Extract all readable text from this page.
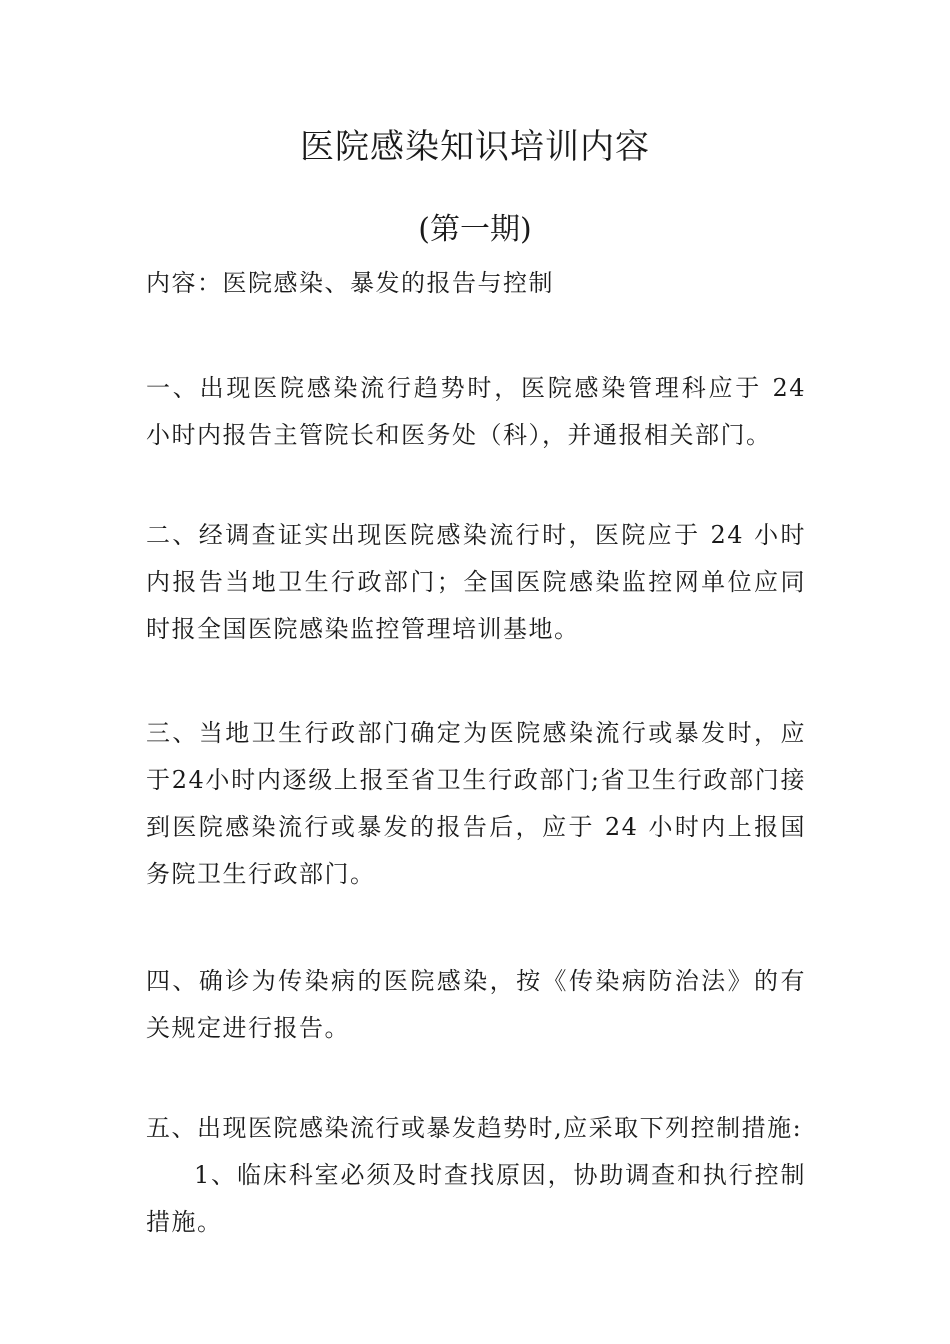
医院感染知识培训内容
(第一期)
内容：医院感染、暴发的报告与控制
一、出现医院感染流行趋势时，医院感染管理科应于 24 小时内报告主管院长和医务处（科），并通报相关部门。
二、经调查证实出现医院感染流行时，医院应于 24 小时内报告当地卫生行政部门；全国医院感染监控网单位应同时报全国医院感染监控管理培训基地。
三、当地卫生行政部门确定为医院感染流行或暴发时，应于24小时内逐级上报至省卫生行政部门;省卫生行政部门接到医院感染流行或暴发的报告后，应于 24 小时内上报国务院卫生行政部门。
四、确诊为传染病的医院感染，按《传染病防治法》的有关规定进行报告。
五、出现医院感染流行或暴发趋势时,应采取下列控制措施:
1、临床科室必须及时查找原因，协助调查和执行控制措施。
